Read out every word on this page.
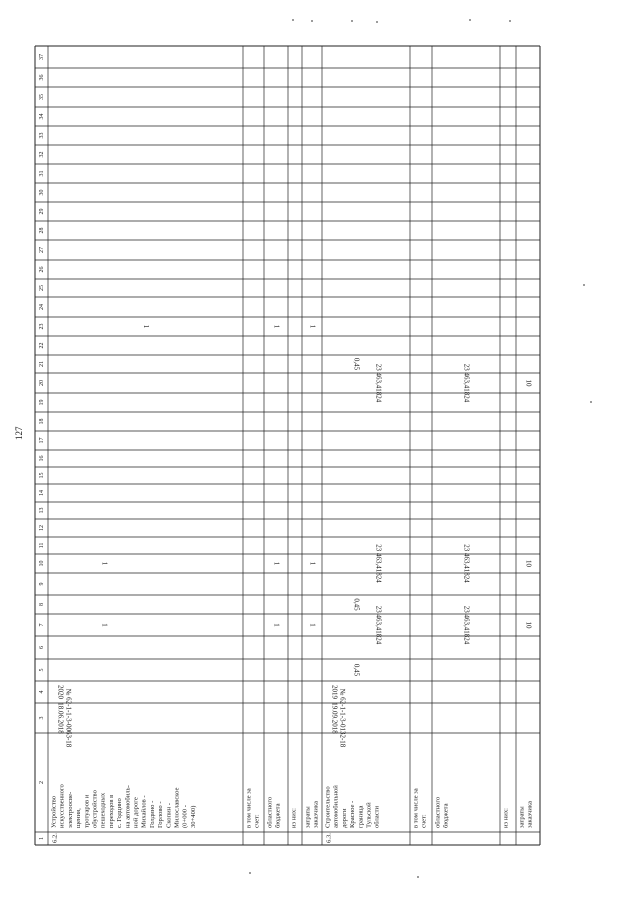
127
1
2
3
4
5
6
7
8
9
10
11
12
13
14
15
16
17
18
19
20
21
22
23
24
25
26
27
28
29
30
31
32
33
34
35
36
37
6.2.
Устройство искусственного электроосве- щения, тротуаров и обустройство пешеходных переходов в с. Годцино на автомобиль- ной дороге Михайлов - Голдино - Горлово - Скопин - Милославское (0+000 - 30+400)
18.06.2018 № 62-1-1-3-0063-18
2020
1
1
1
в том числе за счет: областного бюджета
1
1
1
из них: затраты заказчика
1
1
1
6.3.
Строительство автомобильной дороги Красное - граница Тульской области
19.09.2018 № 62-1-1-3-0132-18
2019
0,45
23 463,41824
0,45
23 463,41824
23 463,41824
0,45
в том числе за счет: областного бюджета
23 463,41824
23 463,41824
23 463,41824
из них: затраты заказчика
10
10
10
